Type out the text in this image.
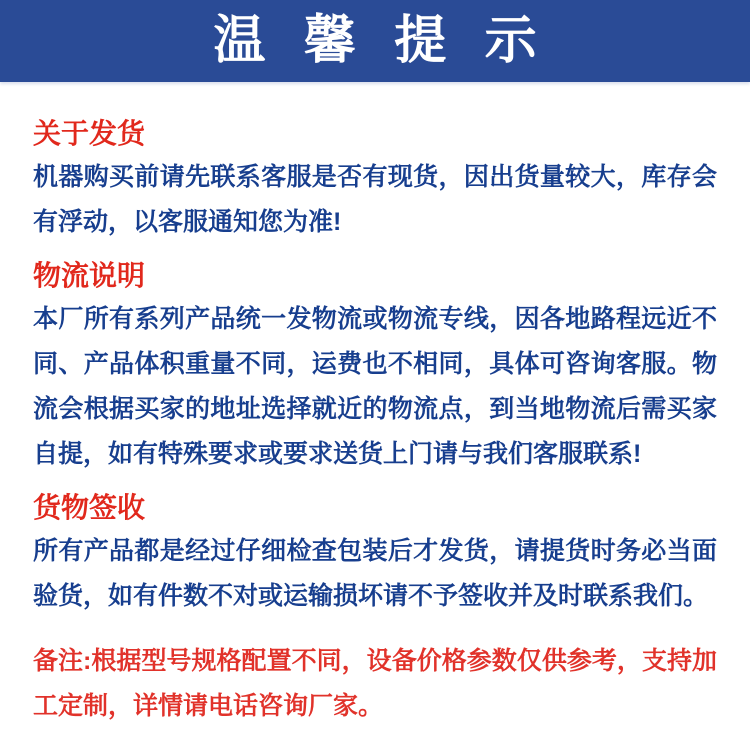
温 馨 提 示
关于发货

机器购买前请先联系客服是否有现货，因出货量较大，库存会有浮动，以客服通知您为准!

物流说明

本厂所有系列产品统一发物流或物流专线，因各地路程远近不同、产品体积重量不同，运费也不相同，具体可咨询客服。物流会根据买家的地址选择就近的物流点，到当地物流后需买家自提，如有特殊要求或要求送货上门请与我们客服联系!

货物签收

所有产品都是经过仔细检查包装后才发货，请提货时务必当面验货，如有件数不对或运输损坏请不予签收并及时联系我们。

备注:根据型号规格配置不同，设备价格参数仅供参考，支持加工定制，详情请电话咨询厂家。
